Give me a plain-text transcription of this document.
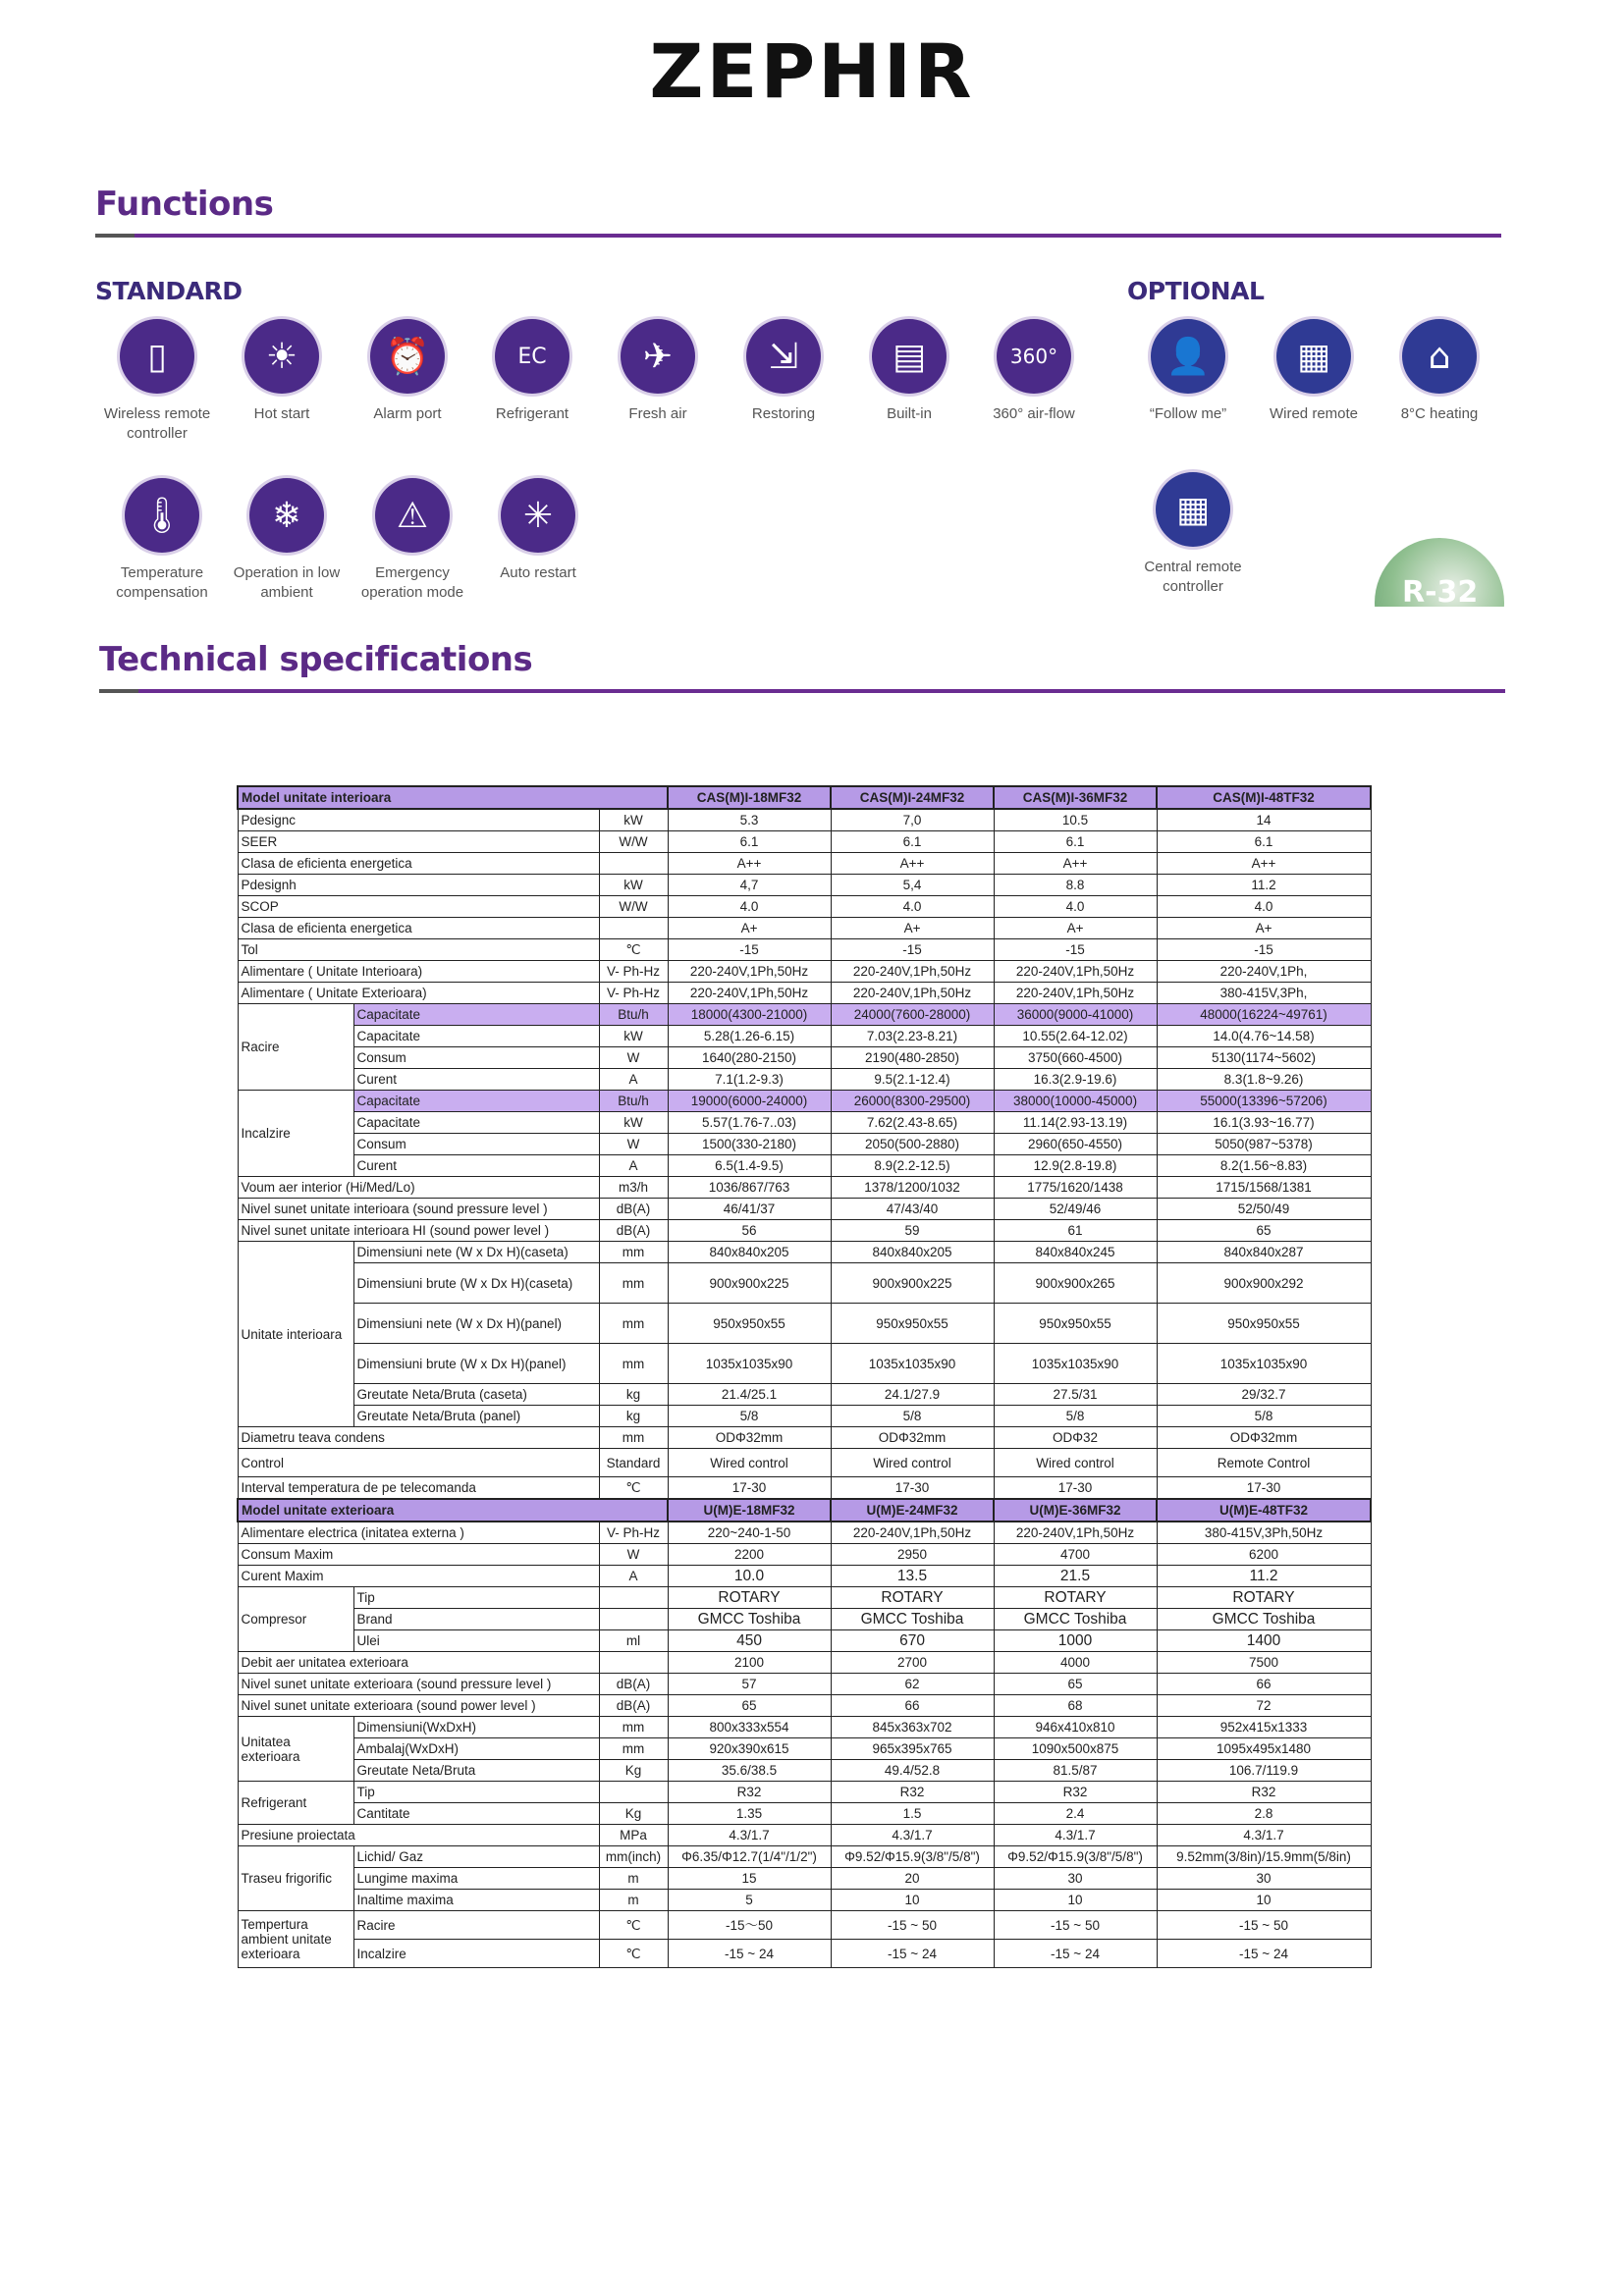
ZEPHIR
Functions
STANDARD	OPTIONAL
▯
Wireless remote controller
☀
Hot start
⏰
Alarm port
EC
Refrigerant
✈
Fresh air
⇲
Restoring
▤
Built-in
360°
360° air-flow
🌡
Temperature compensation
❄
Operation in low ambient
⚠
Emergency operation mode
✳
Auto restart
👤
“Follow me”
▦
Wired remote
⌂
8°C heating
▦
Central remote controller	R-32
Technical specifications
Model unitate interioara			CAS(M)I-18MF32	CAS(M)I-24MF32	CAS(M)I-36MF32	CAS(M)I-48TF32
Pdesignc		kW	5.3	7,0	10.5	14
SEER		W/W	6.1	6.1	6.1	6.1
Clasa de eficienta energetica			A++	A++	A++	A++
Pdesignh		kW	4,7	5,4	8.8	11.2
SCOP		W/W	4.0	4.0	4.0	4.0
Clasa de eficienta energetica			A+	A+	A+	A+
Tol		℃	-15	-15	-15	-15
Alimentare ( Unitate Interioara)		V- Ph-Hz	220-240V,1Ph,50Hz	220-240V,1Ph,50Hz	220-240V,1Ph,50Hz	220-240V,1Ph,
Alimentare ( Unitate Exterioara)		V- Ph-Hz	220-240V,1Ph,50Hz	220-240V,1Ph,50Hz	220-240V,1Ph,50Hz	380-415V,3Ph,
Racire	Capacitate	Btu/h	18000(4300-21000)	24000(7600-28000)	36000(9000-41000)	48000(16224~49761)
	Capacitate	kW	5.28(1.26-6.15)	7.03(2.23-8.21)	10.55(2.64-12.02)	14.0(4.76~14.58)
	Consum	W	1640(280-2150)	2190(480-2850)	3750(660-4500)	5130(1174~5602)
	Curent	A	7.1(1.2-9.3)	9.5(2.1-12.4)	16.3(2.9-19.6)	8.3(1.8~9.26)
Incalzire	Capacitate	Btu/h	19000(6000-24000)	26000(8300-29500)	38000(10000-45000)	55000(13396~57206)
	Capacitate	kW	5.57(1.76-7..03)	7.62(2.43-8.65)	11.14(2.93-13.19)	16.1(3.93~16.77)
	Consum	W	1500(330-2180)	2050(500-2880)	2960(650-4550)	5050(987~5378)
	Curent	A	6.5(1.4-9.5)	8.9(2.2-12.5)	12.9(2.8-19.8)	8.2(1.56~8.83)
Voum aer interior (Hi/Med/Lo)		m3/h	1036/867/763	1378/1200/1032	1775/1620/1438	1715/1568/1381
Nivel sunet unitate interioara (sound pressure level )		dB(A)	46/41/37	47/43/40	52/49/46	52/50/49
Nivel sunet unitate interioara HI (sound power level )		dB(A)	56	59	61	65
Unitate interioara	Dimensiuni nete (W x Dx H)(caseta)	mm	840x840x205	840x840x205	840x840x245	840x840x287
	Dimensiuni brute (W x Dx H)(caseta)	mm	900x900x225	900x900x225	900x900x265	900x900x292
	Dimensiuni nete (W x Dx H)(panel)	mm	950x950x55	950x950x55	950x950x55	950x950x55
	Dimensiuni brute (W x Dx H)(panel)	mm	1035x1035x90	1035x1035x90	1035x1035x90	1035x1035x90
	Greutate Neta/Bruta (caseta)	kg	21.4/25.1	24.1/27.9	27.5/31	29/32.7
	Greutate Neta/Bruta (panel)	kg	5/8	5/8	5/8	5/8
Diametru teava condens		mm	ODΦ32mm	ODΦ32mm	ODΦ32	ODΦ32mm
Control		Standard	Wired control	Wired control	Wired control	Remote Control
Interval temperatura de pe telecomanda		℃	17-30	17-30	17-30	17-30
Model unitate exterioara			U(M)E-18MF32	U(M)E-24MF32	U(M)E-36MF32	U(M)E-48TF32
Alimentare electrica (initatea externa )		V- Ph-Hz	220~240-1-50	220-240V,1Ph,50Hz	220-240V,1Ph,50Hz	380-415V,3Ph,50Hz
Consum Maxim		W	2200	2950	4700	6200
Curent Maxim		A	10.0	13.5	21.5	11.2
Compresor	Tip		ROTARY	ROTARY	ROTARY	ROTARY
	Brand		GMCC Toshiba	GMCC Toshiba	GMCC Toshiba	GMCC Toshiba
	Ulei	ml	450	670	1000	1400
Debit aer unitatea exterioara			2100	2700	4000	7500
Nivel sunet unitate exterioara (sound pressure level )		dB(A)	57	62	65	66
Nivel sunet unitate exterioara (sound power level )		dB(A)	65	66	68	72
Unitatea exterioara	Dimensiuni(WxDxH)	mm	800x333x554	845x363x702	946x410x810	952x415x1333
	Ambalaj(WxDxH)	mm	920x390x615	965x395x765	1090x500x875	1095x495x1480
	Greutate Neta/Bruta	Kg	35.6/38.5	49.4/52.8	81.5/87	106.7/119.9
Refrigerant	Tip		R32	R32	R32	R32
	Cantitate	Kg	1.35	1.5	2.4	2.8
Presiune proiectata		MPa	4.3/1.7	4.3/1.7	4.3/1.7	4.3/1.7
Traseu frigorific	Lichid/ Gaz	mm(inch)	Φ6.35/Φ12.7(1/4"/1/2")	Φ9.52/Φ15.9(3/8"/5/8")	Φ9.52/Φ15.9(3/8"/5/8")	9.52mm(3/8in)/15.9mm(5/8in)
	Lungime maxima	m	15	20	30	30
	Inaltime maxima	m	5	10	10	10
Tempertura ambient unitate exterioara	Racire	℃	-15～50	-15 ~ 50	-15 ~ 50	-15 ~ 50
	Incalzire	℃	-15 ~ 24	-15 ~ 24	-15 ~ 24	-15 ~ 24
